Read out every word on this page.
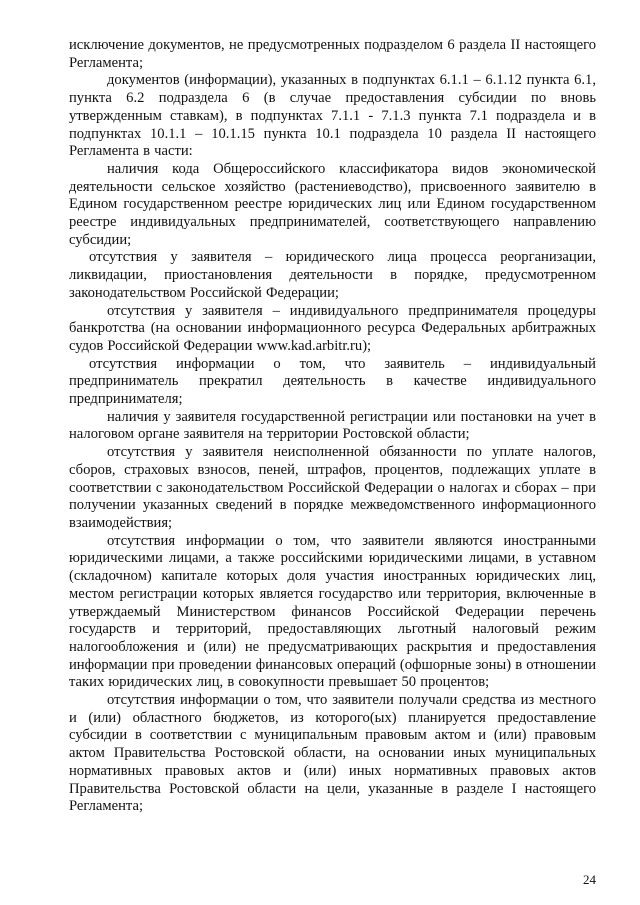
исключение документов, не предусмотренных подразделом 6 раздела II настоящего Регламента;

документов (информации), указанных в подпунктах 6.1.1 – 6.1.12 пункта 6.1, пункта 6.2 подраздела 6 (в случае предоставления субсидии по вновь утвержденным ставкам), в подпунктах 7.1.1 - 7.1.3 пункта 7.1 подраздела и в подпунктах 10.1.1 – 10.1.15 пункта 10.1 подраздела 10 раздела II настоящего Регламента в части:

наличия кода Общероссийского классификатора видов экономической деятельности сельское хозяйство (растениеводство), присвоенного заявителю в Едином государственном реестре юридических лиц или Едином государственном реестре индивидуальных предпринимателей, соответствующего направлению субсидии;

отсутствия у заявителя – юридического лица процесса реорганизации, ликвидации, приостановления деятельности в порядке, предусмотренном законодательством Российской Федерации;

отсутствия у заявителя – индивидуального предпринимателя процедуры банкротства (на основании информационного ресурса Федеральных арбитражных судов Российской Федерации www.kad.arbitr.ru);

отсутствия информации о том, что заявитель – индивидуальный предприниматель прекратил деятельность в качестве индивидуального предпринимателя;

наличия у заявителя государственной регистрации или постановки на учет в налоговом органе заявителя на территории Ростовской области;

отсутствия у заявителя неисполненной обязанности по уплате налогов, сборов, страховых взносов, пеней, штрафов, процентов, подлежащих уплате в соответствии с законодательством Российской Федерации о налогах и сборах – при получении указанных сведений в порядке межведомственного информационного взаимодействия;

отсутствия информации о том, что заявители являются иностранными юридическими лицами, а также российскими юридическими лицами, в уставном (складочном) капитале которых доля участия иностранных юридических лиц, местом регистрации которых является государство или территория, включенные в утверждаемый Министерством финансов Российской Федерации перечень государств и территорий, предоставляющих льготный налоговый режим налогообложения и (или) не предусматривающих раскрытия и предоставления информации при проведении финансовых операций (офшорные зоны) в отношении таких юридических лиц, в совокупности превышает 50 процентов;

отсутствия информации о том, что заявители получали средства из местного и (или) областного бюджетов, из которого(ых) планируется предоставление субсидии в соответствии с муниципальным правовым актом и (или) правовым актом Правительства Ростовской области, на основании иных муниципальных нормативных правовых актов и (или) иных нормативных правовых актов Правительства Ростовской области на цели, указанные в разделе I настоящего Регламента;

24
